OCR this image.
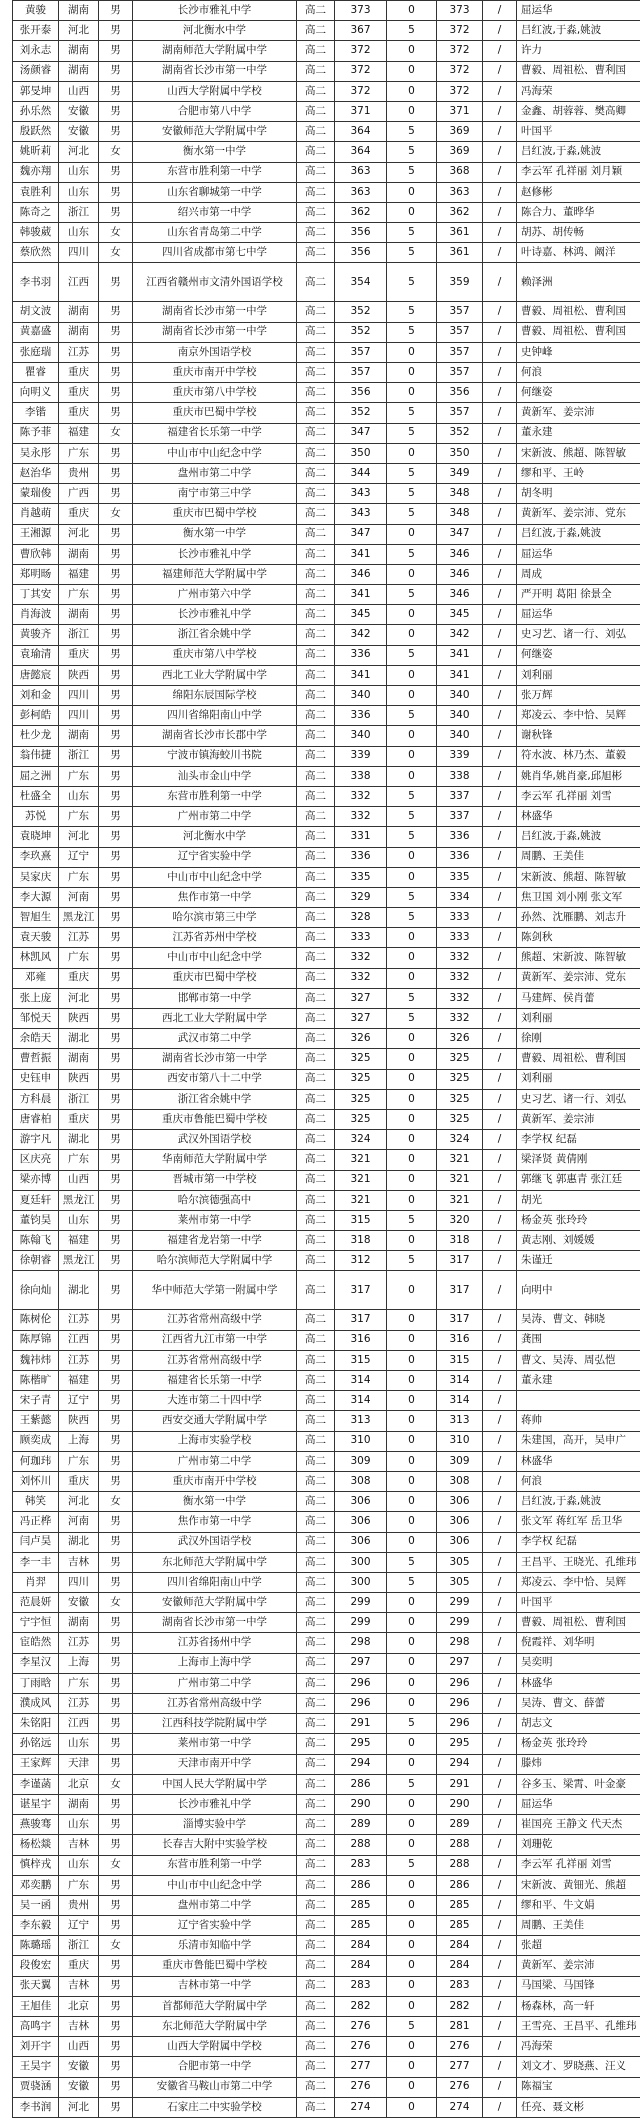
黄骏	湖南	男	长沙市雅礼中学	高二	373	0	373	/	屈运华
张开泰	河北	男	河北衡水中学	高二	367	5	372	/	吕红波,于淼,姚波
刘永志	湖南	男	湖南师范大学附属中学	高二	372	0	372	/	许力
汤颜睿	湖南	男	湖南省长沙市第一中学	高二	372	0	372	/	曹毅、周祖松、曹利国
郭旻坤	山西	男	山西大学附属中学校	高二	372	0	372	/	冯海荣
孙乐然	安徽	男	合肥市第八中学	高二	371	0	371	/	金鑫、胡蓉蓉、樊高卿
殷跃然	安徽	男	安徽师范大学附属中学	高二	364	5	369	/	叶国平
姚昕莉	河北	女	衡水第一中学	高二	364	5	369	/	吕红波,于淼,姚波
魏亦翔	山东	男	东营市胜利第一中学	高二	363	5	368	/	李云军 孔祥丽 刘月颖
袁胜利	山东	男	山东省聊城第一中学	高二	363	0	363	/	赵修彬
陈奇之	浙江	男	绍兴市第一中学	高二	362	0	362	/	陈合力、董晔华
韩骏葳	山东	女	山东省青岛第二中学	高二	356	5	361	/	胡苏、胡传畅
蔡欣然	四川	女	四川省成都市第七中学	高二	356	5	361	/	叶诗嘉、林鸿、阚洋
李书羽	江西	男	江西省赣州市文清外国语学校	高二	354	5	359	/	赖泽洲
胡文波	湖南	男	湖南省长沙市第一中学	高二	352	5	357	/	曹毅、周祖松、曹利国
黄嘉盛	湖南	男	湖南省长沙市第一中学	高二	352	5	357	/	曹毅、周祖松、曹利国
张庭瑞	江苏	男	南京外国语学校	高二	357	0	357	/	史钟峰
瞿睿	重庆	男	重庆市南开中学校	高二	357	0	357	/	何浪
向明义	重庆	男	重庆市第八中学校	高二	356	0	356	/	何继姿
李锴	重庆	男	重庆市巴蜀中学校	高二	352	5	357	/	黄新军、姜宗沛
陈予菲	福建	女	福建省长乐第一中学	高二	347	5	352	/	董永建
吴永彤	广东	男	中山市中山纪念中学	高二	350	0	350	/	宋新波、熊超、陈智敏
赵治华	贵州	男	盘州市第二中学	高二	344	5	349	/	缪和平、王岭
蒙瑞俊	广西	男	南宁市第三中学	高二	343	5	348	/	胡冬明
肖越萌	重庆	女	重庆市巴蜀中学校	高二	343	5	348	/	黄新军、姜宗沛、党东
王湘源	河北	男	衡水第一中学	高二	347	0	347	/	吕红波,于淼,姚波
曹欣韩	湖南	男	长沙市雅礼中学	高二	341	5	346	/	屈运华
郑明旸	福建	男	福建师范大学附属中学	高二	346	0	346	/	周成
丁其安	广东	男	广州市第六中学	高二	341	5	346	/	严开明 葛阳 徐景全
肖海波	湖南	男	长沙市雅礼中学	高二	345	0	345	/	屈运华
黄骏齐	浙江	男	浙江省余姚中学	高二	342	0	342	/	史习艺、诸一行、刘弘
袁瑜清	重庆	男	重庆市第八中学校	高二	336	5	341	/	何继姿
唐懿宸	陕西	男	西北工业大学附属中学	高二	341	0	341	/	刘利丽
刘和金	四川	男	绵阳东辰国际学校	高二	340	0	340	/	张万辉
彭柯皓	四川	男	四川省绵阳南山中学	高二	336	5	340	/	郑凌云、李中恰、吴辉
杜少龙	湖南	男	湖南省长沙市长郡中学	高二	340	0	340	/	谢秋锋
翁伟捷	浙江	男	宁波市镇海蛟川书院	高二	339	0	339	/	符水波、林乃杰、董毅
屈之洲	广东	男	汕头市金山中学	高二	338	0	338	/	姚肖华,姚肖豪,邱旭彬
杜盛全	山东	男	东营市胜利第一中学	高二	332	5	337	/	李云军 孔祥丽 刘雪
苏悦	广东	男	广州市第二中学	高二	332	5	337	/	林盛华
袁晓坤	河北	男	河北衡水中学	高二	331	5	336	/	吕红波,于淼,姚波
李玖熹	辽宁	男	辽宁省实验中学	高二	336	0	336	/	周鹏、王美佳
吴家庆	广东	男	中山市中山纪念中学	高二	335	0	335	/	宋新波、熊超、陈智敏
李大源	河南	男	焦作市第一中学	高二	329	5	334	/	焦卫国 刘小刚 张文军
智旭生	黑龙江	男	哈尔滨市第三中学	高二	328	5	333	/	孙然、沈雁鹏、刘志升
袁天骏	江苏	男	江苏省苏州中学校	高二	333	0	333	/	陈剑秋
林凯风	广东	男	中山市中山纪念中学	高二	332	0	332	/	熊超、宋新波、陈智敏
邓雍	重庆	男	重庆市巴蜀中学校	高二	332	0	332	/	黄新军、姜宗沛、党东
张上庞	河北	男	邯郸市第一中学	高二	327	5	332	/	马建辉、侯肖蕾
邹悦天	陕西	男	西北工业大学附属中学	高二	327	5	332	/	刘利丽
余皓天	湖北	男	武汉市第二中学	高二	326	0	326	/	徐刚
曹哲振	湖南	男	湖南省长沙市第一中学	高二	325	0	325	/	曹毅、周祖松、曹利国
史钰申	陕西	男	西安市第八十二中学	高二	325	0	325	/	刘利丽
方科晨	浙江	男	浙江省余姚中学	高二	325	0	325	/	史习艺、诸一行、刘弘
唐睿柏	重庆	男	重庆市鲁能巴蜀中学校	高二	325	0	325	/	黄新军、姜宗沛
游宇凡	湖北	男	武汉外国语学校	高二	324	0	324	/	李学权 纪磊
区庆亮	广东	男	华南师范大学附属中学	高二	321	0	321	/	梁泽贤 黄倩刚
梁亦博	山西	男	晋城市第一中学校	高二	321	0	321	/	郭继飞 郭惠青 张江廷
夏廷轩	黑龙江	男	哈尔滨德强高中	高二	321	0	321	/	胡光
董钧昊	山东	男	莱州市第一中学	高二	315	5	320	/	杨金英 张玲玲
陈翰飞	福建	男	福建省龙岩第一中学	高二	318	0	318	/	黄志刚、刘媛媛
徐朝睿	黑龙江	男	哈尔滨师范大学附属中学	高二	312	5	317	/	朱谨迁
徐向灿	湖北	男	华中师范大学第一附属中学	高二	317	0	317	/	向明中
陈树伦	江苏	男	江苏省常州高级中学	高二	317	0	317	/	吴涛、曹文、韩晓
陈厚锦	江西	男	江西省九江市第一中学	高二	316	0	316	/	龚围
魏祎炜	江苏	男	江苏省常州高级中学	高二	315	0	315	/	曹文、吴涛、周弘恺
陈楷旷	福建	男	福建省长乐第一中学	高二	314	0	314	/	董永建
宋子青	辽宁	男	大连市第二十四中学	高二	314	0	314	/	
王紫懿	陕西	男	西安交通大学附属中学	高二	313	0	313	/	蒋帅
顾奕成	上海	男	上海市实验学校	高二	310	0	310	/	朱建国，高开，吴申广
何珈玮	广东	男	广州市第二中学	高二	309	0	309	/	林盛华
刘怀川	重庆	男	重庆市南开中学校	高二	308	0	308	/	何浪
韩笑	河北	女	衡水第一中学	高二	306	0	306	/	吕红波,于淼,姚波
冯正桦	河南	男	焦作市第一中学	高二	306	0	306	/	张文军 蒋红军 岳卫华
闫卢昊	湖北	男	武汉外国语学校	高二	306	0	306	/	李学权 纪磊
李一丰	吉林	男	东北师范大学附属中学	高二	300	5	305	/	王昌平、王晓光、孔维玮
肖羿	四川	男	四川省绵阳南山中学	高二	300	5	305	/	郑凌云、李中恰、吴辉
范晨妍	安徽	女	安徽师范大学附属中学	高二	299	0	299	/	叶国平
宁宇恒	湖南	男	湖南省长沙市第一中学	高二	299	0	299	/	曹毅、周祖松、曹利国
宦皓然	江苏	男	江苏省扬州中学	高二	298	0	298	/	倪霞祥、刘华明
李星汉	上海	男	上海市上海中学	高二	297	0	297	/	吴奕明
丁雨晗	广东	男	广州市第二中学	高二	296	0	296	/	林盛华
濮成风	江苏	男	江苏省常州高级中学	高二	296	0	296	/	吴涛、曹文、薛蕾
朱铭阳	江西	男	江西科技学院附属中学	高二	291	5	296	/	胡志文
孙铭远	山东	男	莱州市第一中学	高二	295	0	295	/	杨金英 张玲玲
王家辉	天津	男	天津市南开中学	高二	294	0	294	/	滕炜
李谨菡	北京	女	中国人民大学附属中学	高二	286	5	291	/	谷多玉、梁霄、叶金豪
谌星宇	湖南	男	长沙市雅礼中学	高二	290	0	290	/	屈运华
燕骏骞	山东	男	淄博实验中学	高二	289	0	289	/	崔国亮 王静文 代天杰
杨松燚	吉林	男	长春吉大附中实验学校	高二	288	0	288	/	刘珊乾
慎梓戎	山东	女	东营市胜利第一中学	高二	283	5	288	/	李云军 孔祥丽 刘雪
邓奕鹏	广东	男	中山市中山纪念中学	高二	286	0	286	/	宋新波、黄钿光、熊超
吴一函	贵州	男	盘州市第二中学	高二	285	0	285	/	缪和平、牛文娟
李东毅	辽宁	男	辽宁省实验中学	高二	285	0	285	/	周鹏、王美佳
陈璐瑶	浙江	女	乐清市知临中学	高二	284	0	284	/	张超
段俊宏	重庆	男	重庆市鲁能巴蜀中学校	高二	284	0	284	/	黄新军、姜宗沛
张天翼	吉林	男	吉林市第一中学	高二	283	0	283	/	马国梁、马国锋
王旭佳	北京	男	首都师范大学附属中学	高二	282	0	282	/	杨森林，高一轩
高鸣宇	吉林	男	东北师范大学附属中学	高二	276	5	281	/	王雪亮、王昌平、孔维玮
刘开宇	山西	男	山西大学附属中学校	高二	276	0	276	/	冯海荣
王昊宇	安徽	男	合肥市第一中学	高二	277	0	277	/	刘文才、罗晓燕、汪义
贾骁涵	安徽	男	安徽省马鞍山市第二中学	高二	276	0	276	/	陈福宝
李书润	河北	男	石家庄二中实验学校	高二	274	0	274	/	任亮、聂文彬
